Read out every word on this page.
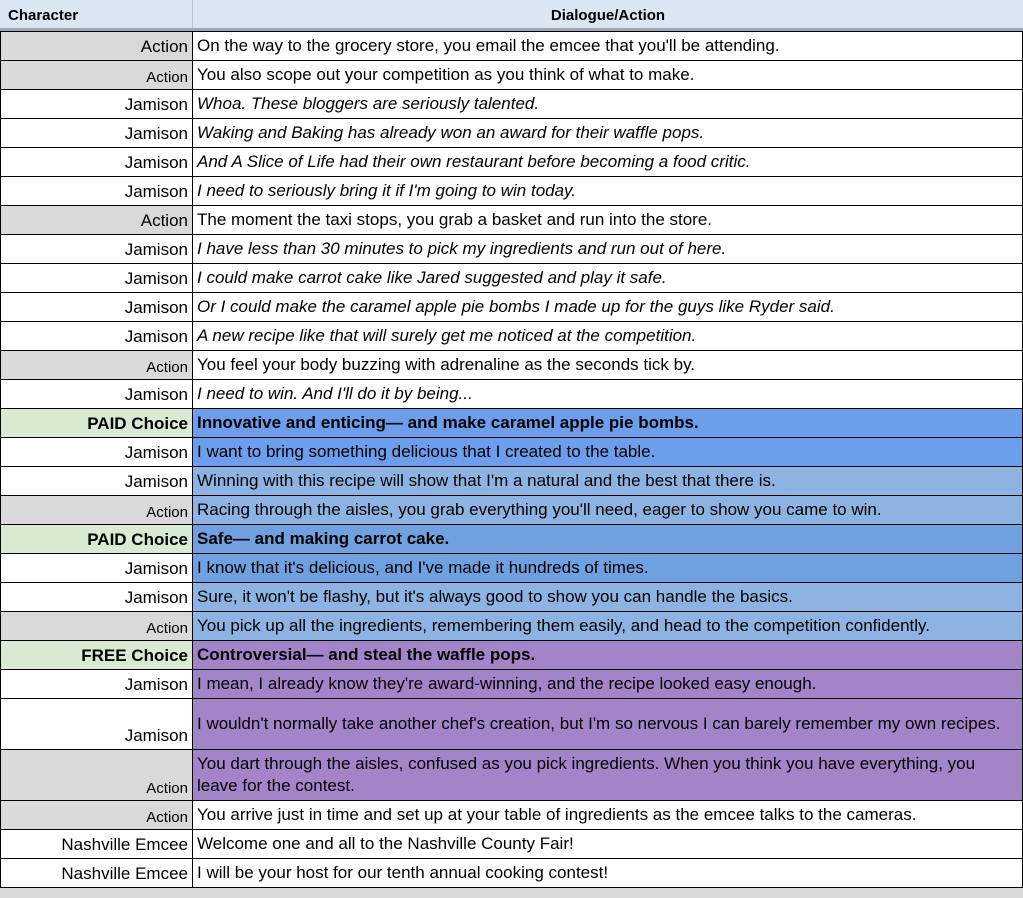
Character	Dialogue/Action
Action On the way to the grocery store, you email the emcee that you'll be attending.
Action You also scope out your competition as you think of what to make.
Jamison Whoa. These bloggers are seriously talented.
Jamison Waking and Baking has already won an award for their waffle pops.
Jamison And A Slice of Life had their own restaurant before becoming a food critic.
Jamison I need to seriously bring it if I'm going to win today.
Action The moment the taxi stops, you grab a basket and run into the store.
Jamison I have less than 30 minutes to pick my ingredients and run out of here.
Jamison I could make carrot cake like Jared suggested and play it safe.
Jamison Or I could make the caramel apple pie bombs I made up for the guys like Ryder said.
Jamison A new recipe like that will surely get me noticed at the competition.
Action You feel your body buzzing with adrenaline as the seconds tick by.
Jamison I need to win. And I'll do it by being...
PAID Choice Innovative and enticing— and make caramel apple pie bombs.
Jamison I want to bring something delicious that I created to the table.
Jamison Winning with this recipe will show that I'm a natural and the best that there is.
Action Racing through the aisles, you grab everything you'll need, eager to show you came to win.
PAID Choice Safe— and making carrot cake.
Jamison I know that it's delicious, and I've made it hundreds of times.
Jamison Sure, it won't be flashy, but it's always good to show you can handle the basics.
Action You pick up all the ingredients, remembering them easily, and head to the competition confidently.
FREE Choice Controversial— and steal the waffle pops.
Jamison I mean, I already know they're award-winning, and the recipe looked easy enough.
Jamison
I wouldn't normally take another chef's creation, but I'm so nervous I can barely remember my own recipes.
Action
You dart through the aisles, confused as you pick ingredients. When you think you have everything, you leave for the contest.
Action You arrive just in time and set up at your table of ingredients as the emcee talks to the cameras.
Nashville Emcee Welcome one and all to the Nashville County Fair!
Nashville Emcee I will be your host for our tenth annual cooking contest!
